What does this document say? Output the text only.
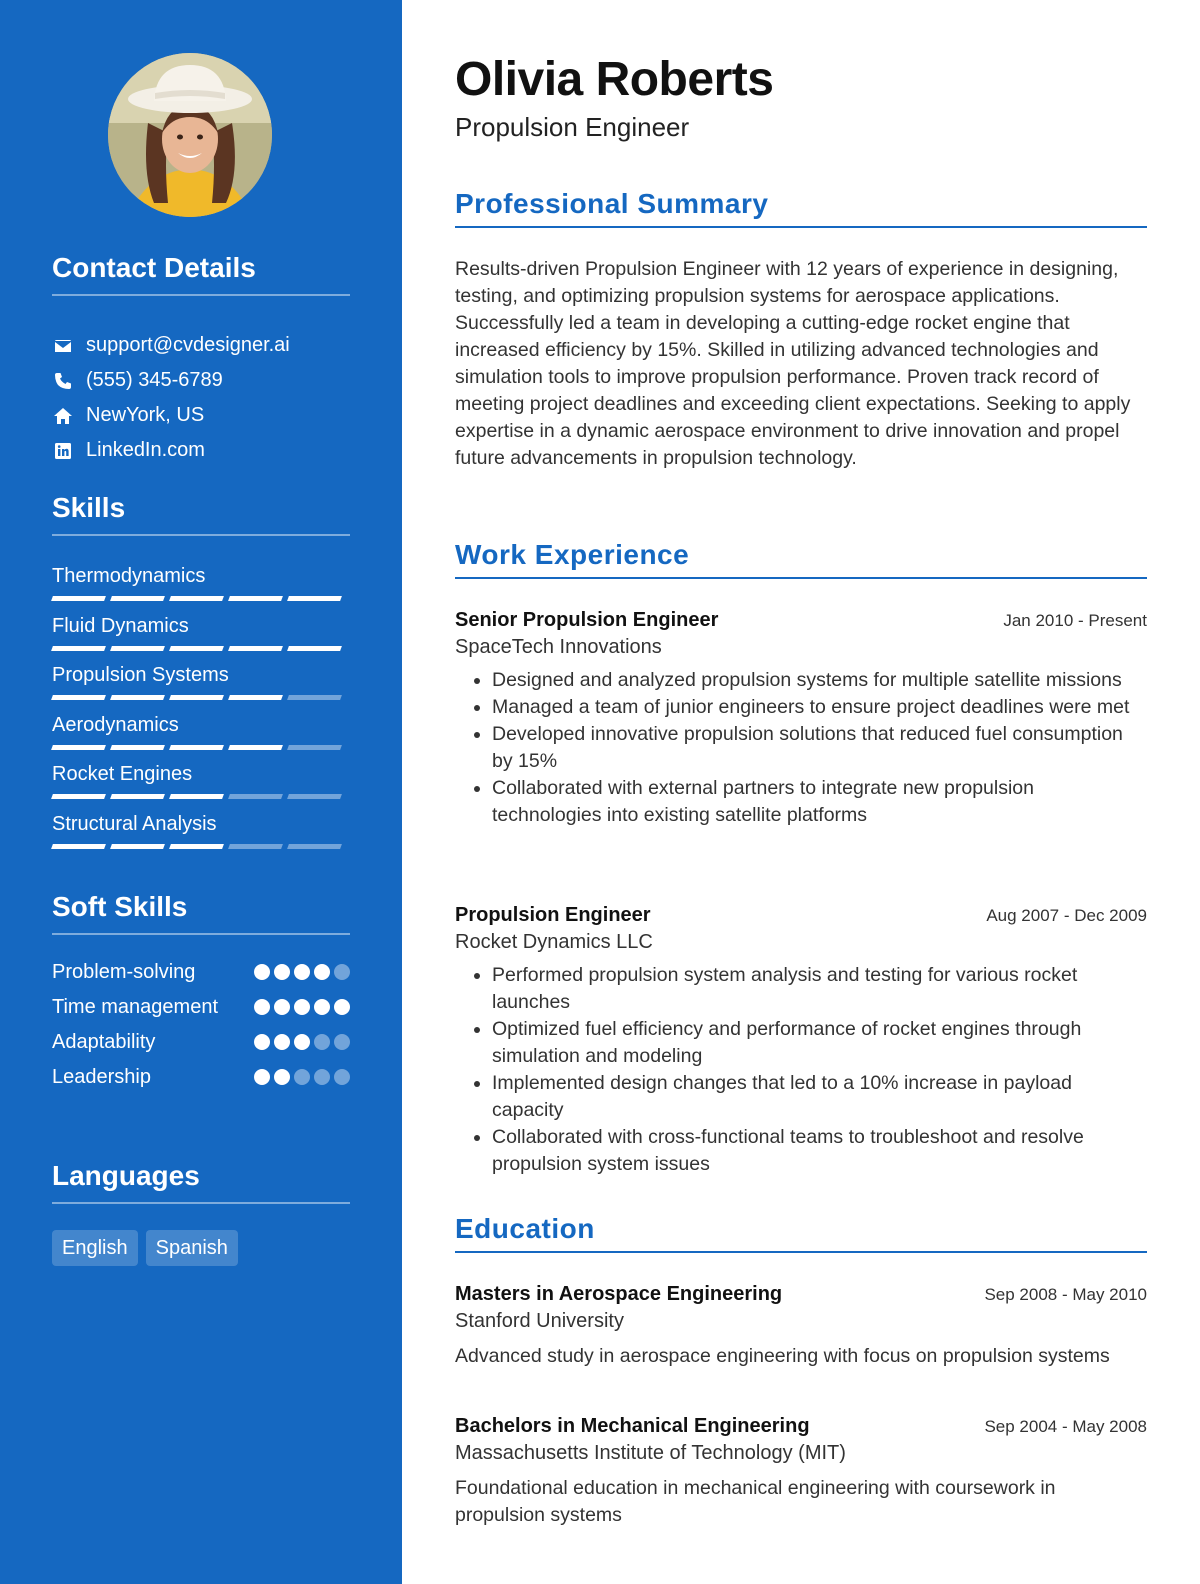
Contact Details
support@cvdesigner.ai
(555) 345-6789
NewYork, US
LinkedIn.com
Skills
Thermodynamics
Fluid Dynamics
Propulsion Systems
Aerodynamics
Rocket Engines
Structural Analysis
Soft Skills
Problem-solving
Time management
Adaptability
Leadership
Languages
English	Spanish
Olivia Roberts
Propulsion Engineer
Professional Summary

Results-driven Propulsion Engineer with 12 years of experience in designing, testing, and optimizing propulsion systems for aerospace applications. Successfully led a team in developing a cutting-edge rocket engine that increased efficiency by 15%. Skilled in utilizing advanced technologies and simulation tools to improve propulsion performance. Proven track record of meeting project deadlines and exceeding client expectations. Seeking to apply expertise in a dynamic aerospace environment to drive innovation and propel future advancements in propulsion technology.

Work Experience
Senior Propulsion Engineer	Jan 2010 - Present
SpaceTech Innovations
• Designed and analyzed propulsion systems for multiple satellite missions
• Managed a team of junior engineers to ensure project deadlines were met
• Developed innovative propulsion solutions that reduced fuel consumption by 15%
• Collaborated with external partners to integrate new propulsion technologies into existing satellite platforms
Propulsion Engineer	Aug 2007 - Dec 2009
Rocket Dynamics LLC
• Performed propulsion system analysis and testing for various rocket launches
• Optimized fuel efficiency and performance of rocket engines through simulation and modeling
• Implemented design changes that led to a 10% increase in payload capacity
• Collaborated with cross-functional teams to troubleshoot and resolve propulsion system issues
Education
Masters in Aerospace Engineering	Sep 2008 - May 2010
Stanford University
Advanced study in aerospace engineering with focus on propulsion systems
Bachelors in Mechanical Engineering	Sep 2004 - May 2008
Massachusetts Institute of Technology (MIT)
Foundational education in mechanical engineering with coursework in propulsion systems
